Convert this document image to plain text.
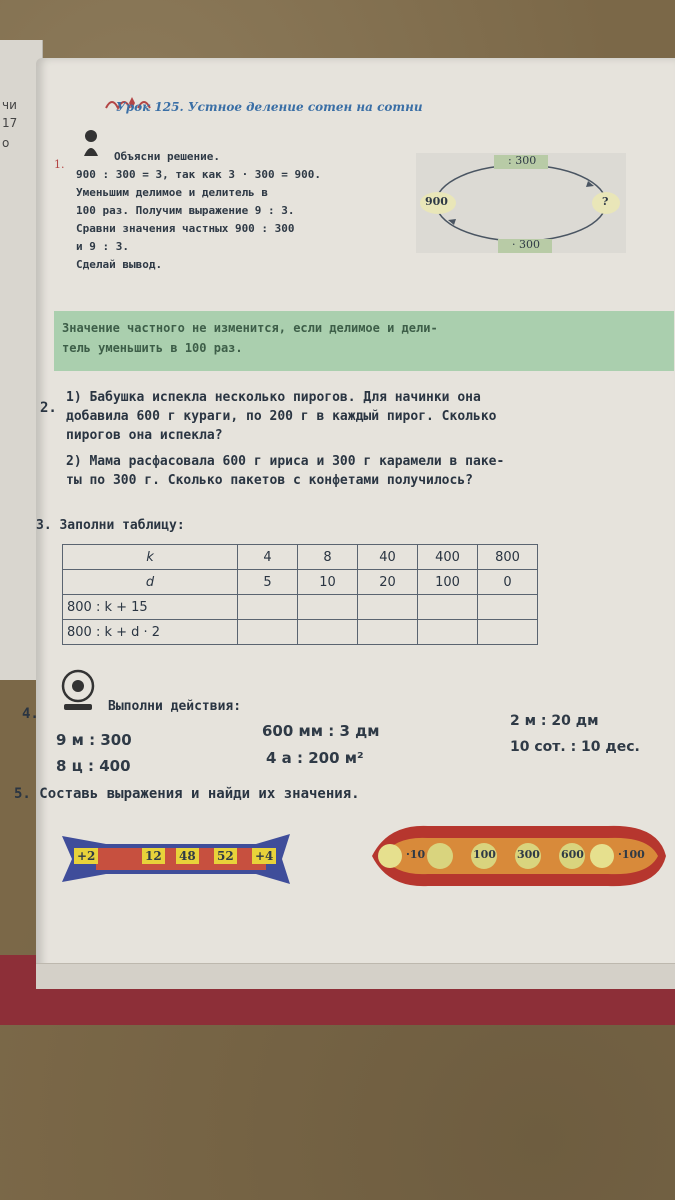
чи
17
о
Урок 125. Устное деление сотен на сотни
1.
Объясни решение.
900 : 300 = 3, так как 3 · 300 = 900.
Уменьшим делимое и делитель в
100 раз. Получим выражение 9 : 3.
Сравни значения частных 900 : 300
и 9 : 3.
Сделай вывод.
: 300
· 300
900	?
Значение частного не изменится, если делимое и дели-
тель уменьшить в 100 раз.
2.
1) Бабушка испекла несколько пирогов. Для начинки она
добавила 600 г кураги, по 200 г в каждый пирог. Сколько
пирогов она испекла?
2) Мама расфасовала 600 г ириса и 300 г карамели в паке-
ты по 300 г. Сколько пакетов с конфетами получилось?
3. Заполни таблицу:
k	4	8	40	400	800
d	5	10	20	100	0
800 : k + 15					
800 : k + d · 2					
4.	Выполни действия:
9 м : 300
8 ц : 400
600 мм : 3 дм
4 а : 200 м²
2 м : 20 дм
10 сот. : 10 дес.
5. Составь выражения и найди их значения.
+2	12 48 52 +4	·10	100 300 600	·100
